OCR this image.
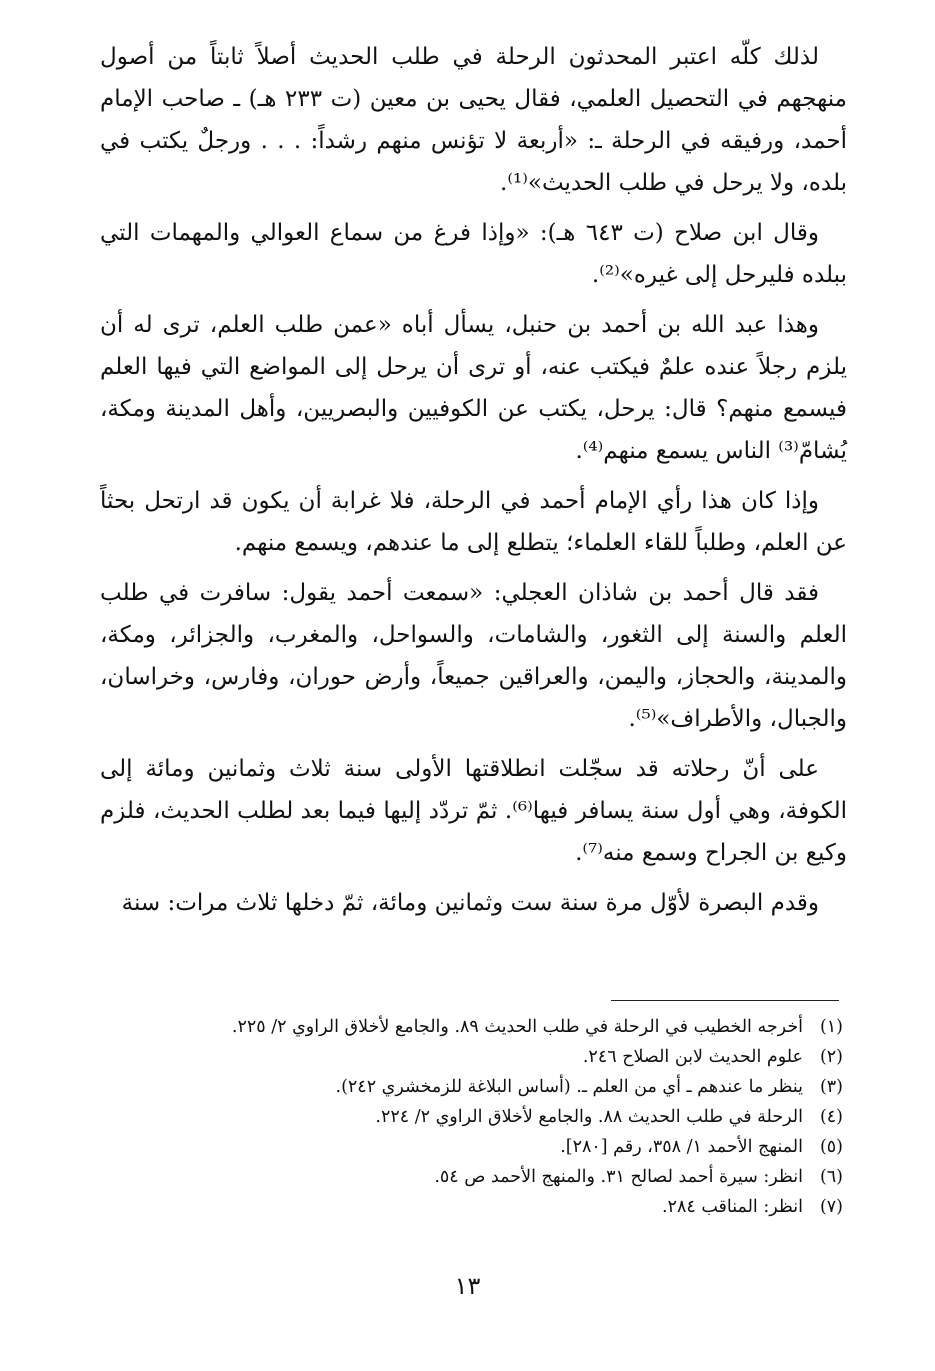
لذلك كلّه اعتبر المحدثون الرحلة في طلب الحديث أصلاً ثابتاً من أصول منهجهم في التحصيل العلمي، فقال يحيى بن معين (ت ٢٣٣ هـ) ـ صاحب الإمام أحمد، ورفيقه في الرحلة ـ: «أربعة لا تؤنس منهم رشداً: . . . ورجلٌ يكتب في بلده، ولا يرحل في طلب الحديث»⁽¹⁾.

وقال ابن صلاح (ت ٦٤٣ هـ): «وإذا فرغ من سماع العوالي والمهمات التي ببلده فليرحل إلى غيره»⁽²⁾.

وهذا عبد الله بن أحمد بن حنبل، يسأل أباه «عمن طلب العلم، ترى له أن يلزم رجلاً عنده علمٌ فيكتب عنه، أو ترى أن يرحل إلى المواضع التي فيها العلم فيسمع منهم؟ قال: يرحل، يكتب عن الكوفيين والبصريين، وأهل المدينة ومكة، يُشامّ⁽³⁾ الناس يسمع منهم⁽⁴⁾.

وإذا كان هذا رأي الإمام أحمد في الرحلة، فلا غرابة أن يكون قد ارتحل بحثاً عن العلم، وطلباً للقاء العلماء؛ يتطلع إلى ما عندهم، ويسمع منهم.

فقد قال أحمد بن شاذان العجلي: «سمعت أحمد يقول: سافرت في طلب العلم والسنة إلى الثغور، والشامات، والسواحل، والمغرب، والجزائر، ومكة، والمدينة، والحجاز، واليمن، والعراقين جميعاً، وأرض حوران، وفارس، وخراسان، والجبال، والأطراف»⁽⁵⁾.

على أنّ رحلاته قد سجّلت انطلاقتها الأولى سنة ثلاث وثمانين ومائة إلى الكوفة، وهي أول سنة يسافر فيها⁽⁶⁾. ثمّ تردّد إليها فيما بعد لطلب الحديث، فلزم وكيع بن الجراح وسمع منه⁽⁷⁾.

وقدم البصرة لأوّل مرة سنة ست وثمانين ومائة، ثمّ دخلها ثلاث مرات: سنة

(١)
أخرجه الخطيب في الرحلة في طلب الحديث ٨٩. والجامع لأخلاق الراوي ٢/ ٢٢٥.
(٢)
علوم الحديث لابن الصلاح ٢٤٦.
(٣)
ينظر ما عندهم ـ أي من العلم ـ. (أساس البلاغة للزمخشري ٢٤٢).
(٤)
الرحلة في طلب الحديث ٨٨. والجامع لأخلاق الراوي ٢/ ٢٢٤.
(٥)
المنهج الأحمد ١/ ٣٥٨، رقم [٢٨٠].
(٦)
انظر: سيرة أحمد لصالح ٣١. والمنهج الأحمد ص ٥٤.
(٧)
انظر: المناقب ٢٨٤.
١٣
